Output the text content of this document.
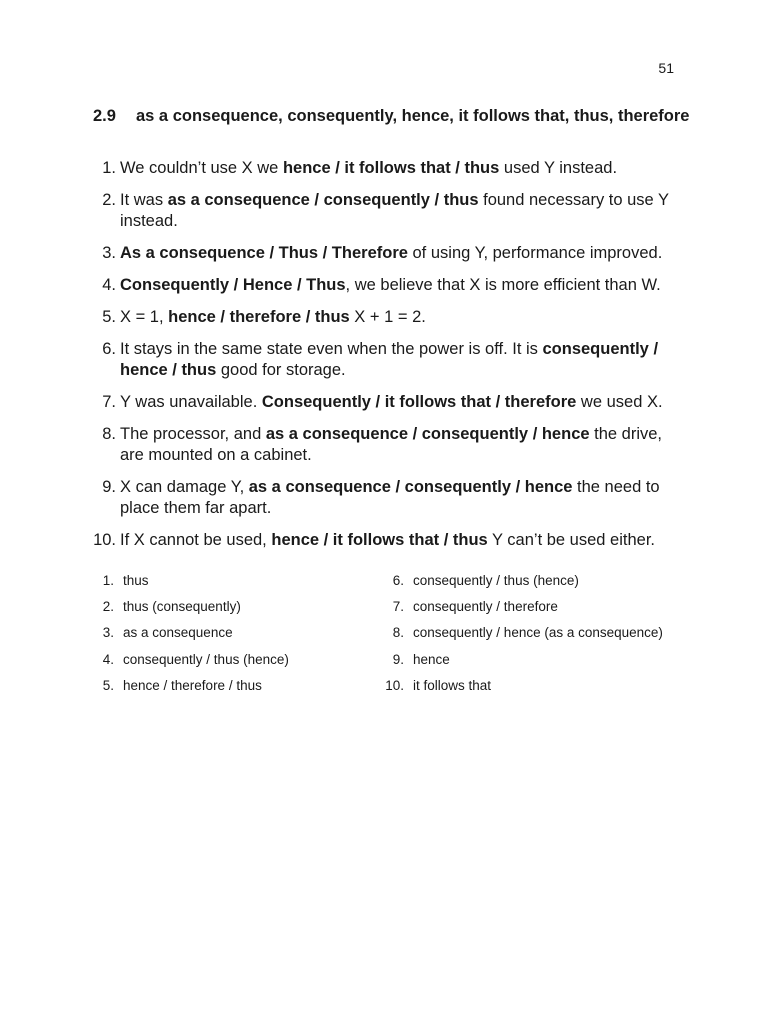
51
2.9	as a consequence, consequently, hence, it follows that, thus, therefore
1. We couldn’t use X we hence / it follows that / thus used Y instead.
2. It was as a consequence / consequently / thus found necessary to use Y instead.
3. As a consequence / Thus / Therefore of using Y, performance improved.
4. Consequently / Hence / Thus, we believe that X is more efficient than W.
5. X = 1, hence / therefore / thus X + 1 = 2.
6. It stays in the same state even when the power is off. It is consequently / hence / thus good for storage.
7. Y was unavailable. Consequently / it follows that / therefore we used X.
8. The processor, and as a consequence / consequently / hence the drive, are mounted on a cabinet.
9. X can damage Y, as a consequence / consequently / hence the need to place them far apart.
10. If X cannot be used, hence / it follows that / thus Y can’t be used either.
1. thus
2. thus (consequently)
3. as a consequence
4. consequently / thus (hence)
5. hence / therefore / thus
6. consequently / thus (hence)
7. consequently / therefore
8. consequently / hence (as a consequence)
9. hence
10. it follows that
